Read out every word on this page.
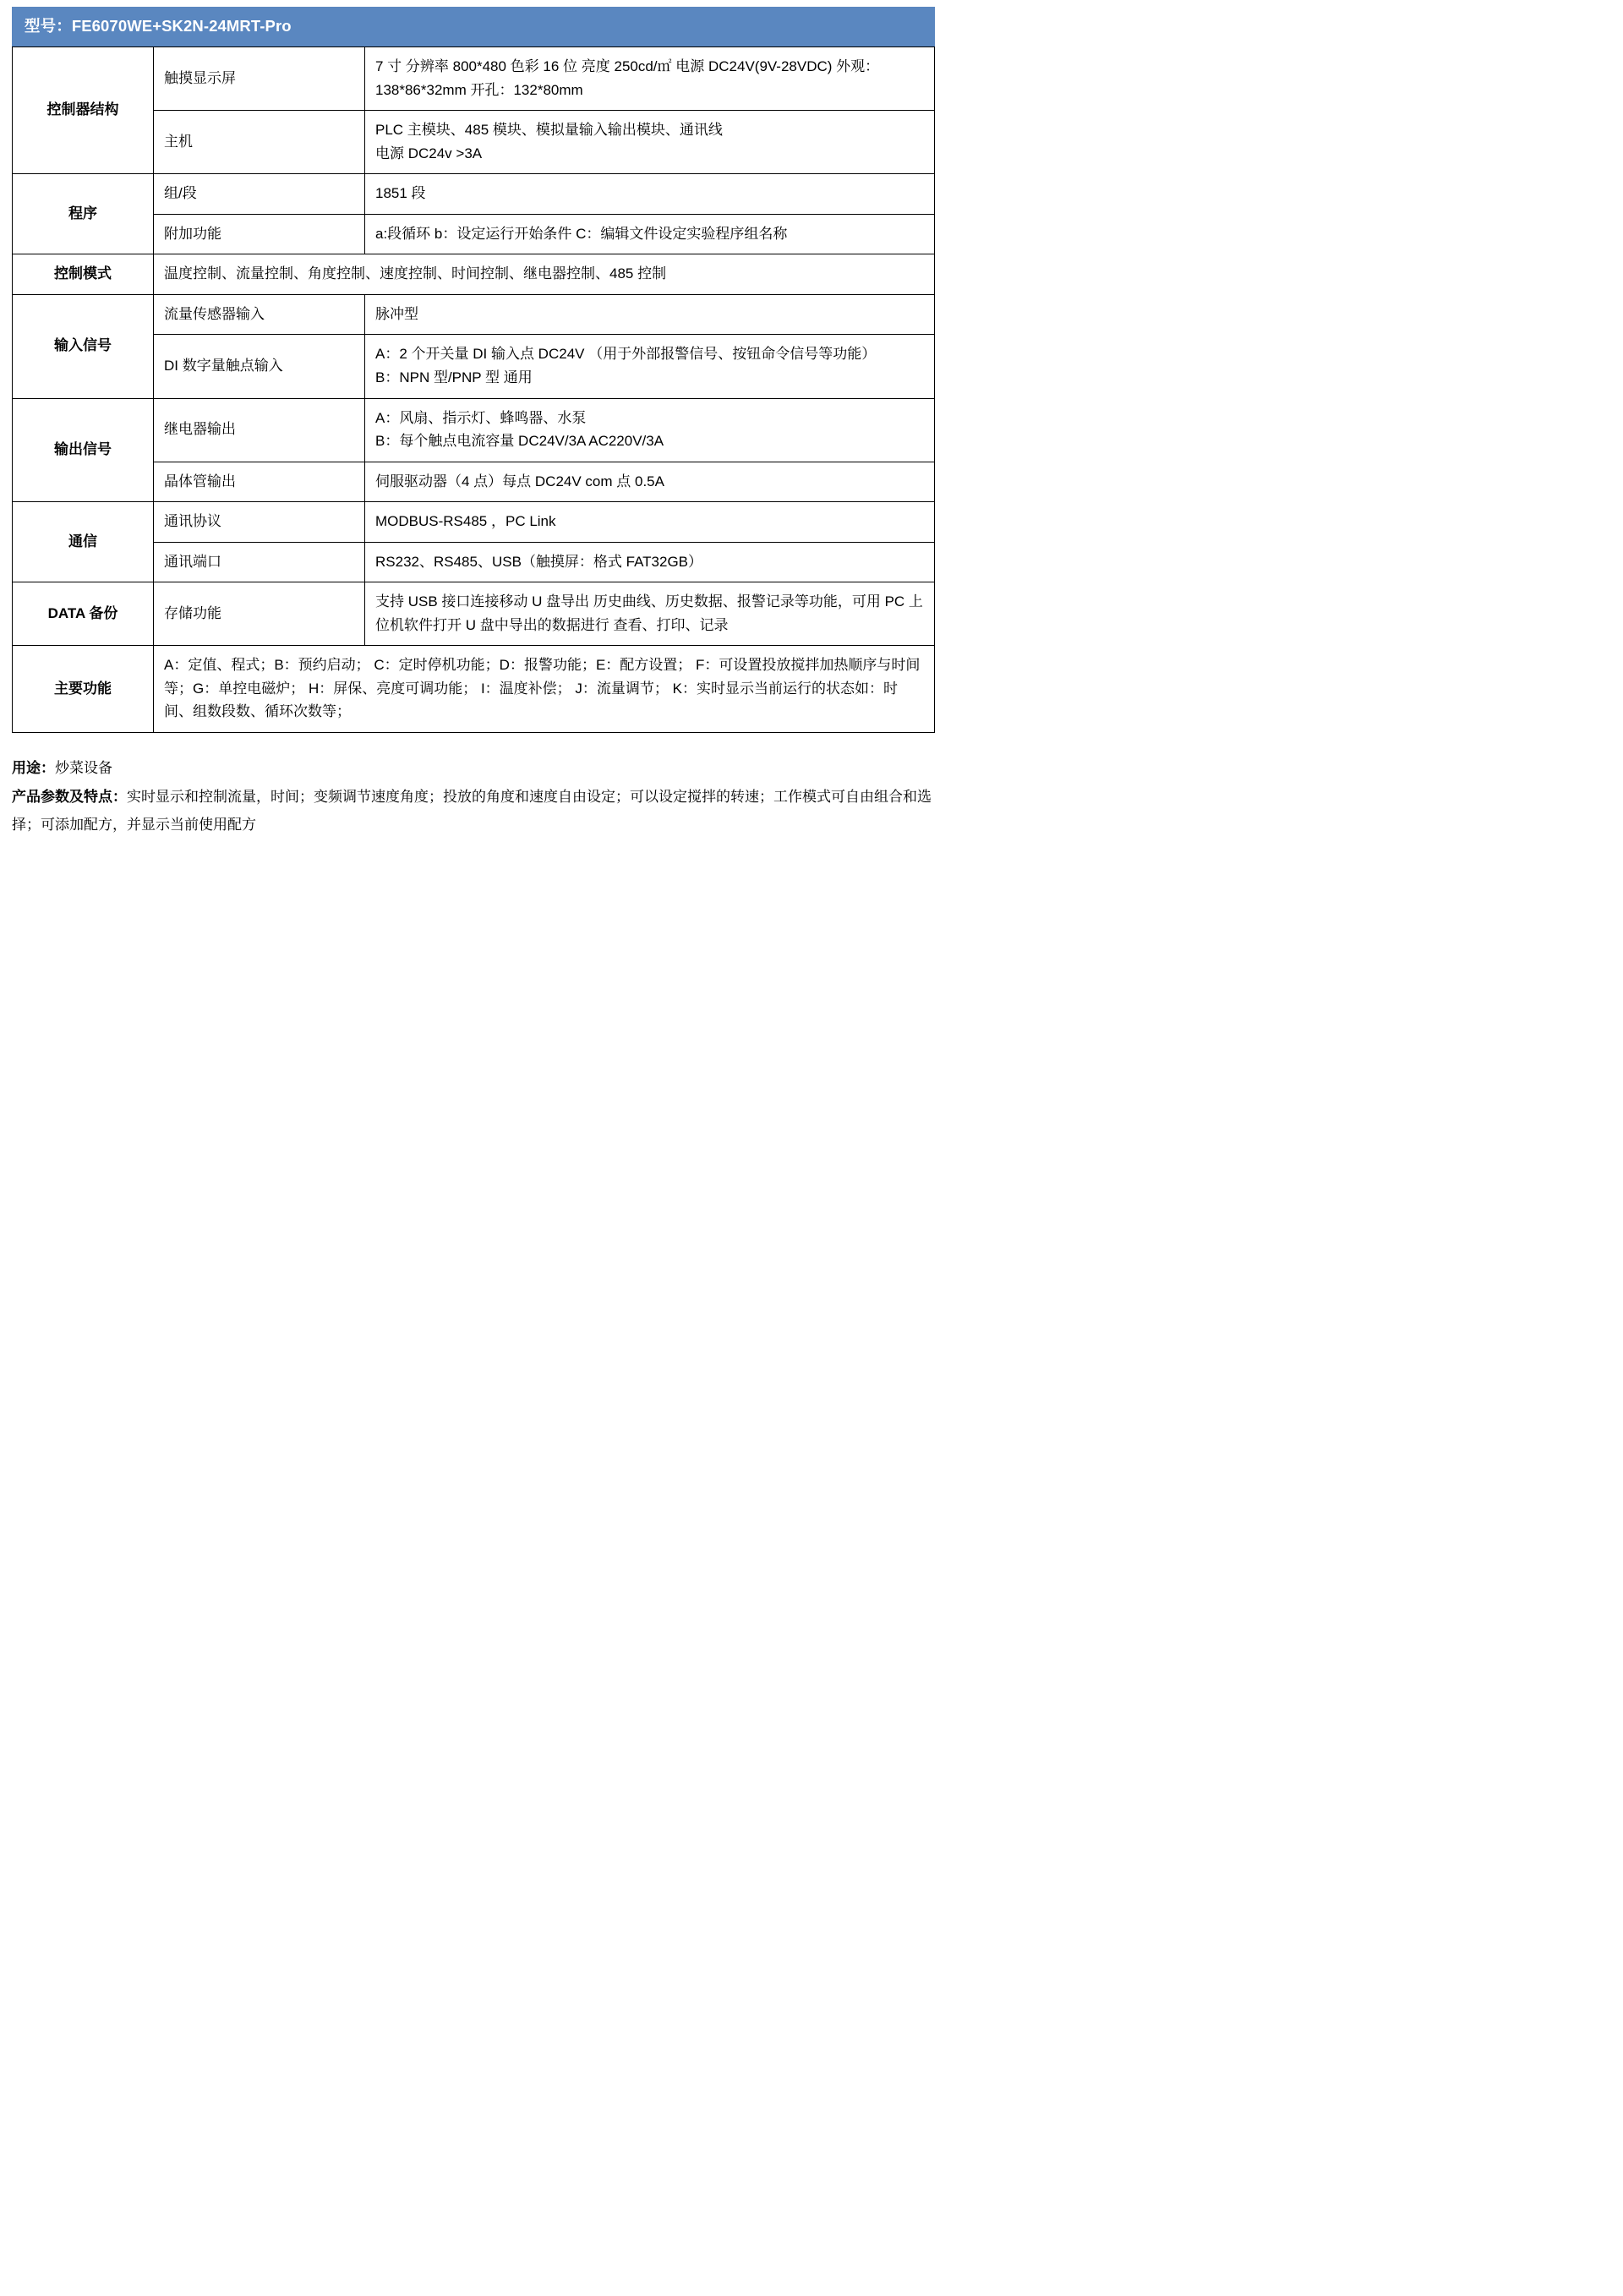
型号：FE6070WE+SK2N-24MRT-Pro
控制器结构	触摸显示屏	7 寸 分辨率 800*480 色彩 16 位 亮度 250cd/㎡ 电源 DC24V(9V-28VDC) 外观：138*86*32mm 开孔：132*80mm
	主机	PLC 主模块、485 模块、模拟量输入输出模块、通讯线

电源 DC24v >3A

程序	组/段	1851 段
	附加功能	a:段循环 b：设定运行开始条件 C：编辑文件设定实验程序组名称
控制模式	温度控制、流量控制、角度控制、速度控制、时间控制、继电器控制、485 控制	
输入信号	流量传感器输入	脉冲型
	DI 数字量触点输入	A：2 个开关量 DI 输入点 DC24V （用于外部报警信号、按钮命令信号等功能）

B：NPN 型/PNP 型 通用

输出信号	继电器输出	A：风扇、指示灯、蜂鸣器、水泵

B：每个触点电流容量 DC24V/3A AC220V/3A

	晶体管输出	伺服驱动器（4 点）每点 DC24V com 点 0.5A
通信	通讯协议	MODBUS-RS485 ，PC Link
	通讯端口	RS232、RS485、USB（触摸屏：格式 FAT32GB）
DATA 备份	存储功能	支持 USB 接口连接移动 U 盘导出 历史曲线、历史数据、报警记录等功能，可用 PC 上位机软件打开 U 盘中导出的数据进行 查看、打印、记录
主要功能	A：定值、程式；B：预约启动； C：定时停机功能；D：报警功能；E：配方设置； F：可设置投放搅拌加热顺序与时间等；G：单控电磁炉； H：屏保、亮度可调功能； I：温度补偿； J：流量调节； K：实时显示当前运行的状态如：时间、组数段数、循环次数等；	

用途：炒菜设备

产品参数及特点：实时显示和控制流量，时间；变频调节速度角度；投放的角度和速度自由设定；可以设定搅拌的转速；工作模式可自由组合和选择；可添加配方，并显示当前使用配方
